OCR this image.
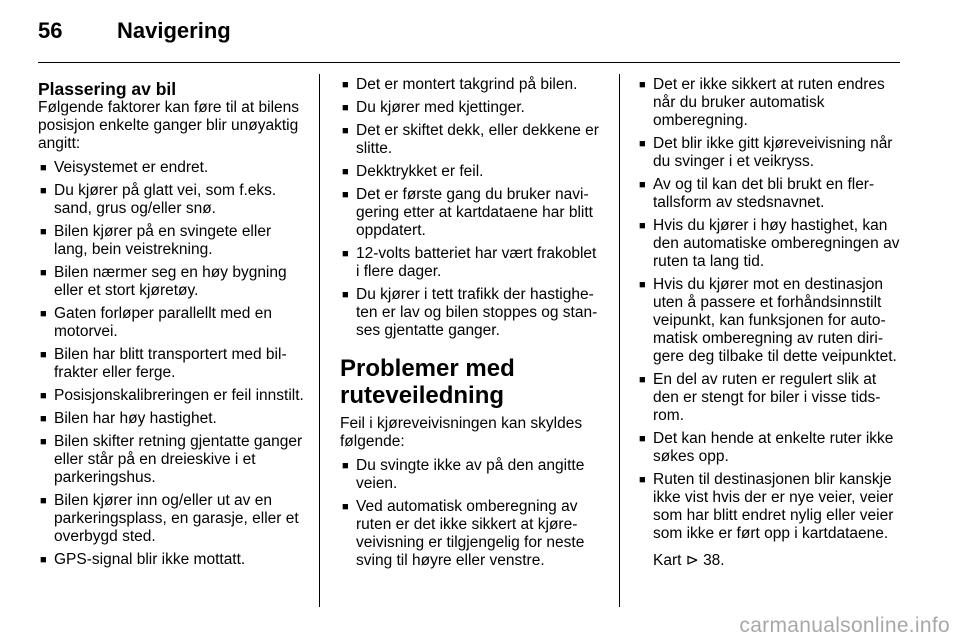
56 Navigering
Plassering av bil

Følgende faktorer kan føre til at bilens posisjon enkelte ganger blir unøyaktig angitt:

■ Veisystemet er endret.
■ Du kjører på glatt vei, som f.eks. sand, grus og/eller snø.
■ Bilen kjører på en svingete eller lang, bein veistrekning.
■ Bilen nærmer seg en høy bygning eller et stort kjøretøy.
■ Gaten forløper parallellt med en motorvei.
■ Bilen har blitt transportert med bilfrakter eller ferge.
■ Posisjonskalibreringen er feil innstilt.
■ Bilen har høy hastighet.
■ Bilen skifter retning gjentatte ganger eller står på en dreieskive i et parkeringshus.
■ Bilen kjører inn og/eller ut av en parkeringsplass, en garasje, eller et overbygd sted.
■ GPS-signal blir ikke mottatt.
■ Det er montert takgrind på bilen.
■ Du kjører med kjettinger.
■ Det er skiftet dekk, eller dekkene er slitte.
■ Dekktrykket er feil.
■ Det er første gang du bruker navigering etter at kartdataene har blitt oppdatert.
■ 12-volts batteriet har vært frakoblet i flere dager.
■ Du kjører i tett trafikk der hastigheten er lav og bilen stoppes og stanses gjentatte ganger.
Problemer med ruteveiledning

Feil i kjøreveivisningen kan skyldes følgende:

■ Du svingte ikke av på den angitte veien.
■ Ved automatisk omberegning av ruten er det ikke sikkert at kjøreveivisning er tilgjengelig for neste sving til høyre eller venstre.
■ Det er ikke sikkert at ruten endres når du bruker automatisk omberegning.
■ Det blir ikke gitt kjøreveivisning når du svinger i et veikryss.
■ Av og til kan det bli brukt en flertallsform av stedsnavnet.
■ Hvis du kjører i høy hastighet, kan den automatiske omberegningen av ruten ta lang tid.
■ Hvis du kjører mot en destinasjon uten å passere et forhåndsinnstilt veipunkt, kan funksjonen for automatisk omberegning av ruten dirigere deg tilbake til dette veipunktet.
■ En del av ruten er regulert slik at den er stengt for biler i visse tidsrom.
■ Det kan hende at enkelte ruter ikke søkes opp.
■ Ruten til destinasjonen blir kanskje ikke vist hvis der er nye veier, veier som har blitt endret nylig eller veier som ikke er ført opp i kartdataene.

Kart ⊳ 38.

carmanualsonline.info
